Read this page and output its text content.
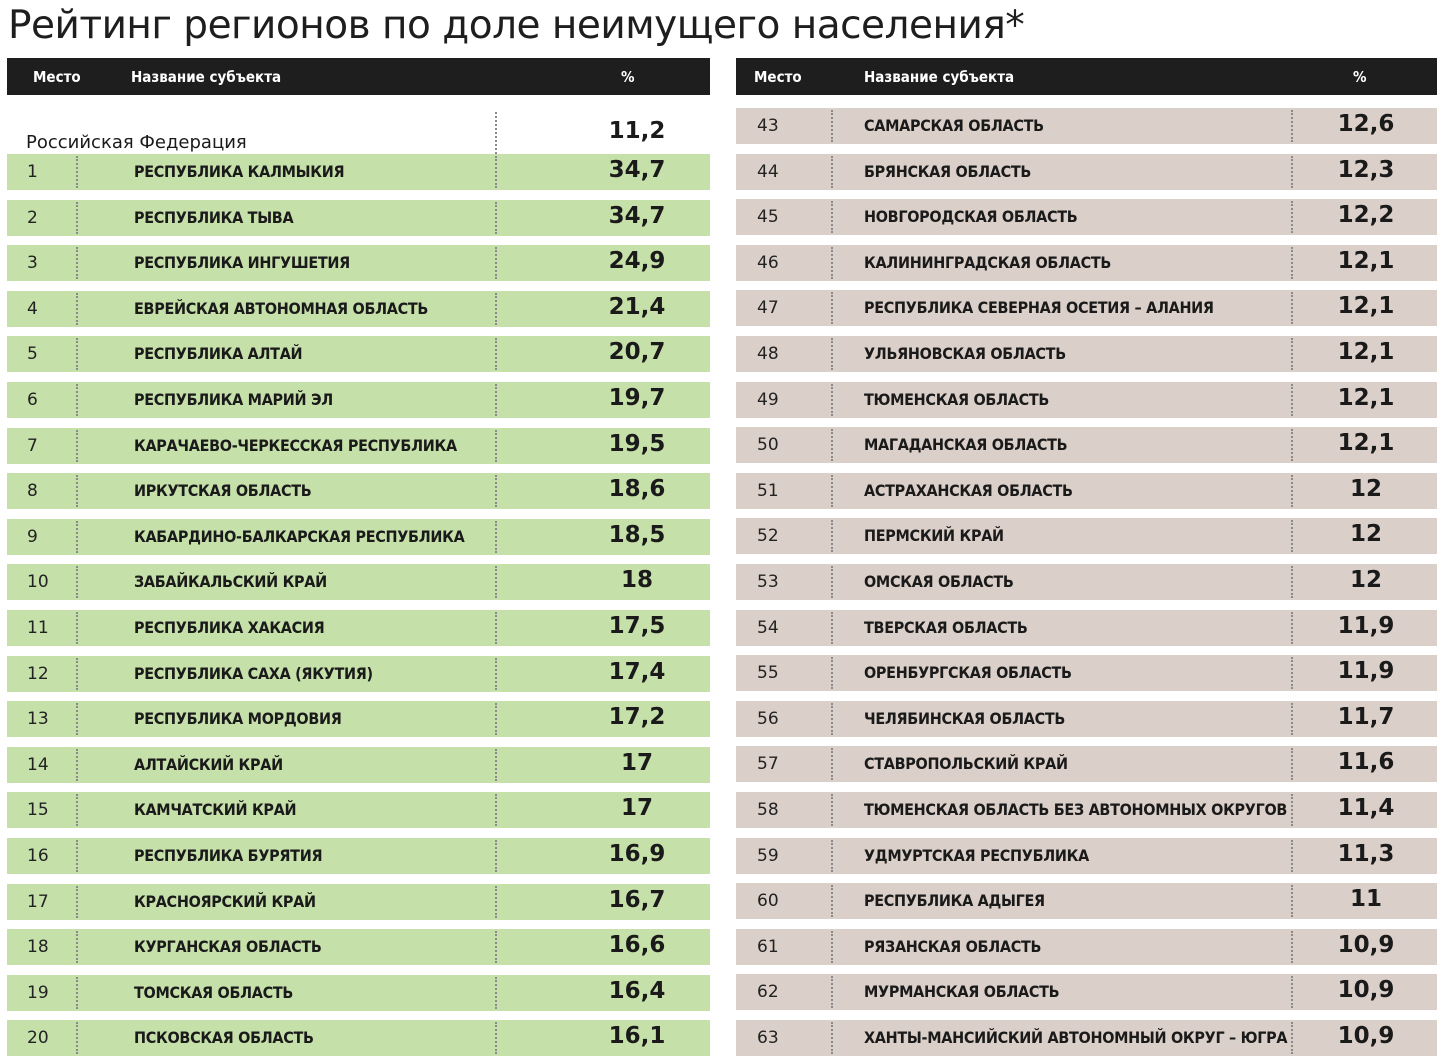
Рейтинг регионов по доле неимущего населения*
Место	Название субъекта	%
Российская Федерация	11,2
1	РЕСПУБЛИКА КАЛМЫКИЯ	34,7
2	РЕСПУБЛИКА ТЫВА	34,7
3	РЕСПУБЛИКА ИНГУШЕТИЯ	24,9
4	ЕВРЕЙСКАЯ АВТОНОМНАЯ ОБЛАСТЬ	21,4
5	РЕСПУБЛИКА АЛТАЙ	20,7
6	РЕСПУБЛИКА МАРИЙ ЭЛ	19,7
7	КАРАЧАЕВО-ЧЕРКЕССКАЯ РЕСПУБЛИКА	19,5
8	ИРКУТСКАЯ ОБЛАСТЬ	18,6
9	КАБАРДИНО-БАЛКАРСКАЯ РЕСПУБЛИКА	18,5
10	ЗАБАЙКАЛЬСКИЙ КРАЙ	18
11	РЕСПУБЛИКА ХАКАСИЯ	17,5
12	РЕСПУБЛИКА САХА (ЯКУТИЯ)	17,4
13	РЕСПУБЛИКА МОРДОВИЯ	17,2
14	АЛТАЙСКИЙ КРАЙ	17
15	КАМЧАТСКИЙ КРАЙ	17
16	РЕСПУБЛИКА БУРЯТИЯ	16,9
17	КРАСНОЯРСКИЙ КРАЙ	16,7
18	КУРГАНСКАЯ ОБЛАСТЬ	16,6
19	ТОМСКАЯ ОБЛАСТЬ	16,4
20	ПСКОВСКАЯ ОБЛАСТЬ	16,1
Место	Название субъекта	%
43	САМАРСКАЯ ОБЛАСТЬ	12,6
44	БРЯНСКАЯ ОБЛАСТЬ	12,3
45	НОВГОРОДСКАЯ ОБЛАСТЬ	12,2
46	КАЛИНИНГРАДСКАЯ ОБЛАСТЬ	12,1
47	РЕСПУБЛИКА СЕВЕРНАЯ ОСЕТИЯ – АЛАНИЯ	12,1
48	УЛЬЯНОВСКАЯ ОБЛАСТЬ	12,1
49	ТЮМЕНСКАЯ ОБЛАСТЬ	12,1
50	МАГАДАНСКАЯ ОБЛАСТЬ	12,1
51	АСТРАХАНСКАЯ ОБЛАСТЬ	12
52	ПЕРМСКИЙ КРАЙ	12
53	ОМСКАЯ ОБЛАСТЬ	12
54	ТВЕРСКАЯ ОБЛАСТЬ	11,9
55	ОРЕНБУРГСКАЯ ОБЛАСТЬ	11,9
56	ЧЕЛЯБИНСКАЯ ОБЛАСТЬ	11,7
57	СТАВРОПОЛЬСКИЙ КРАЙ	11,6
58	ТЮМЕНСКАЯ ОБЛАСТЬ БЕЗ АВТОНОМНЫХ ОКРУГОВ	11,4
59	УДМУРТСКАЯ РЕСПУБЛИКА	11,3
60	РЕСПУБЛИКА АДЫГЕЯ	11
61	РЯЗАНСКАЯ ОБЛАСТЬ	10,9
62	МУРМАНСКАЯ ОБЛАСТЬ	10,9
63	ХАНТЫ-МАНСИЙСКИЙ АВТОНОМНЫЙ ОКРУГ – ЮГРА	10,9
